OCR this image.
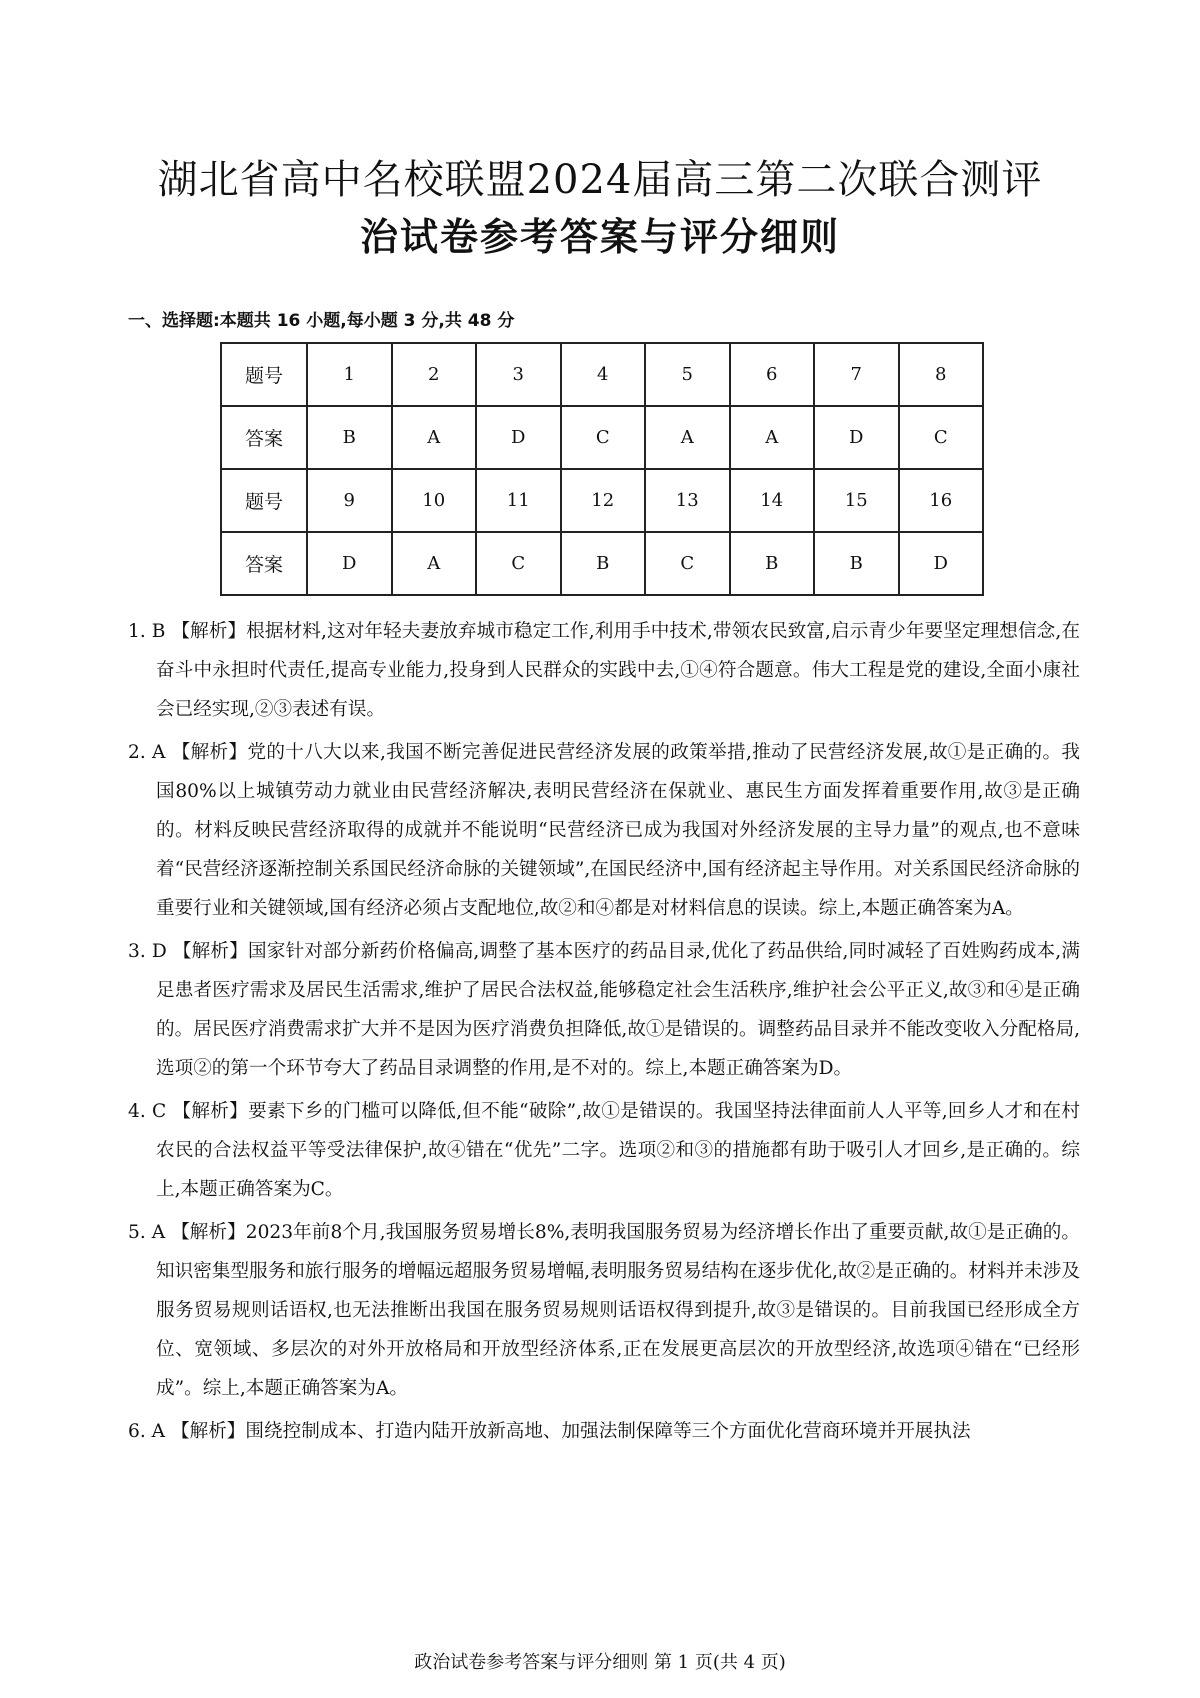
湖北省高中名校联盟2024届高三第二次联合测评
治试卷参考答案与评分细则
一、选择题:本题共 16 小题,每小题 3 分,共 48 分
题号	1	2	3	4	5	6	7	8
答案	B	A	D	C	A	A	D	C
题号	9	10	11	12	13	14	15	16
答案	D	A	C	B	C	B	B	D

1. B 【解析】根据材料,这对年轻夫妻放弃城市稳定工作,利用手中技术,带领农民致富,启示青少年要坚定理想信念,在奋斗中永担时代责任,提高专业能力,投身到人民群众的实践中去,①④符合题意。伟大工程是党的建设,全面小康社会已经实现,②③表述有误。

2. A 【解析】党的十八大以来,我国不断完善促进民营经济发展的政策举措,推动了民营经济发展,故①是正确的。我国80%以上城镇劳动力就业由民营经济解决,表明民营经济在保就业、惠民生方面发挥着重要作用,故③是正确的。材料反映民营经济取得的成就并不能说明“民营经济已成为我国对外经济发展的主导力量”的观点,也不意味着“民营经济逐渐控制关系国民经济命脉的关键领域”,在国民经济中,国有经济起主导作用。对关系国民经济命脉的重要行业和关键领域,国有经济必须占支配地位,故②和④都是对材料信息的误读。综上,本题正确答案为A。

3. D 【解析】国家针对部分新药价格偏高,调整了基本医疗的药品目录,优化了药品供给,同时减轻了百姓购药成本,满足患者医疗需求及居民生活需求,维护了居民合法权益,能够稳定社会生活秩序,维护社会公平正义,故③和④是正确的。居民医疗消费需求扩大并不是因为医疗消费负担降低,故①是错误的。调整药品目录并不能改变收入分配格局,选项②的第一个环节夸大了药品目录调整的作用,是不对的。综上,本题正确答案为D。

4. C 【解析】要素下乡的门槛可以降低,但不能“破除”,故①是错误的。我国坚持法律面前人人平等,回乡人才和在村农民的合法权益平等受法律保护,故④错在“优先”二字。选项②和③的措施都有助于吸引人才回乡,是正确的。综上,本题正确答案为C。

5. A 【解析】2023年前8个月,我国服务贸易增长8%,表明我国服务贸易为经济增长作出了重要贡献,故①是正确的。知识密集型服务和旅行服务的增幅远超服务贸易增幅,表明服务贸易结构在逐步优化,故②是正确的。材料并未涉及服务贸易规则话语权,也无法推断出我国在服务贸易规则话语权得到提升,故③是错误的。目前我国已经形成全方位、宽领域、多层次的对外开放格局和开放型经济体系,正在发展更高层次的开放型经济,故选项④错在“已经形成”。综上,本题正确答案为A。

6. A 【解析】围绕控制成本、打造内陆开放新高地、加强法制保障等三个方面优化营商环境并开展执法

政治试卷参考答案与评分细则 第 1 页(共 4 页)
